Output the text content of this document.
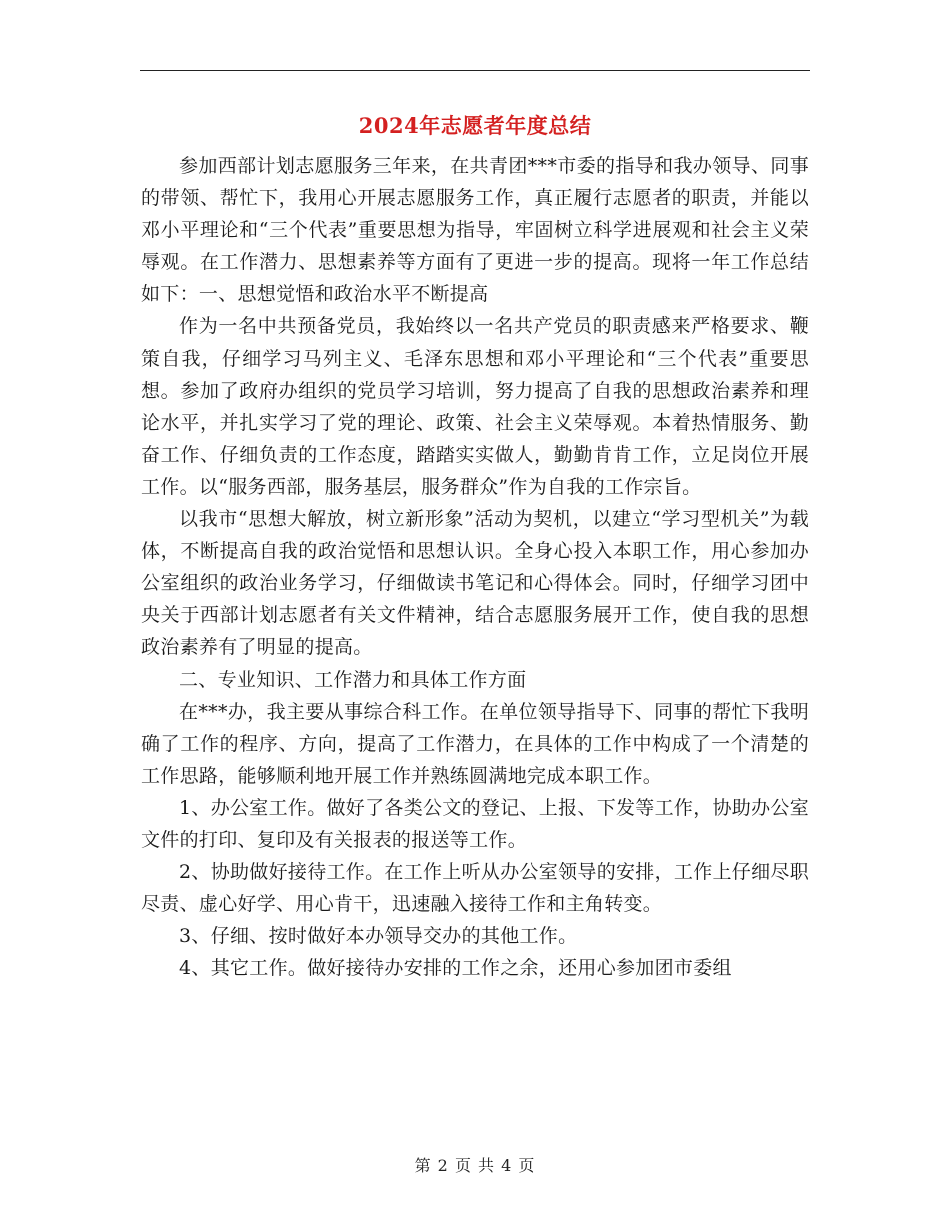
2024年志愿者年度总结

参加西部计划志愿服务三年来，在共青团***市委的指导和我办领导、同事的带领、帮忙下，我用心开展志愿服务工作，真正履行志愿者的职责，并能以邓小平理论和“三个代表”重要思想为指导，牢固树立科学进展观和社会主义荣辱观。在工作潜力、思想素养等方面有了更进一步的提高。现将一年工作总结如下：一、思想觉悟和政治水平不断提高

作为一名中共预备党员，我始终以一名共产党员的职责感来严格要求、鞭策自我，仔细学习马列主义、毛泽东思想和邓小平理论和“三个代表”重要思想。参加了政府办组织的党员学习培训，努力提高了自我的思想政治素养和理论水平，并扎实学习了党的理论、政策、社会主义荣辱观。本着热情服务、勤奋工作、仔细负责的工作态度，踏踏实实做人，勤勤肯肯工作，立足岗位开展工作。以“服务西部，服务基层，服务群众”作为自我的工作宗旨。

以我市“思想大解放，树立新形象”活动为契机，以建立“学习型机关”为载体，不断提高自我的政治觉悟和思想认识。全身心投入本职工作，用心参加办公室组织的政治业务学习，仔细做读书笔记和心得体会。同时，仔细学习团中央关于西部计划志愿者有关文件精神，结合志愿服务展开工作，使自我的思想政治素养有了明显的提高。

二、专业知识、工作潜力和具体工作方面

在***办，我主要从事综合科工作。在单位领导指导下、同事的帮忙下我明确了工作的程序、方向，提高了工作潜力，在具体的工作中构成了一个清楚的工作思路，能够顺利地开展工作并熟练圆满地完成本职工作。

1、办公室工作。做好了各类公文的登记、上报、下发等工作，协助办公室文件的打印、复印及有关报表的报送等工作。

2、协助做好接待工作。在工作上听从办公室领导的安排，工作上仔细尽职尽责、虚心好学、用心肯干，迅速融入接待工作和主角转变。

3、仔细、按时做好本办领导交办的其他工作。

4、其它工作。做好接待办安排的工作之余，还用心参加团市委组

第 2 页 共 4 页
